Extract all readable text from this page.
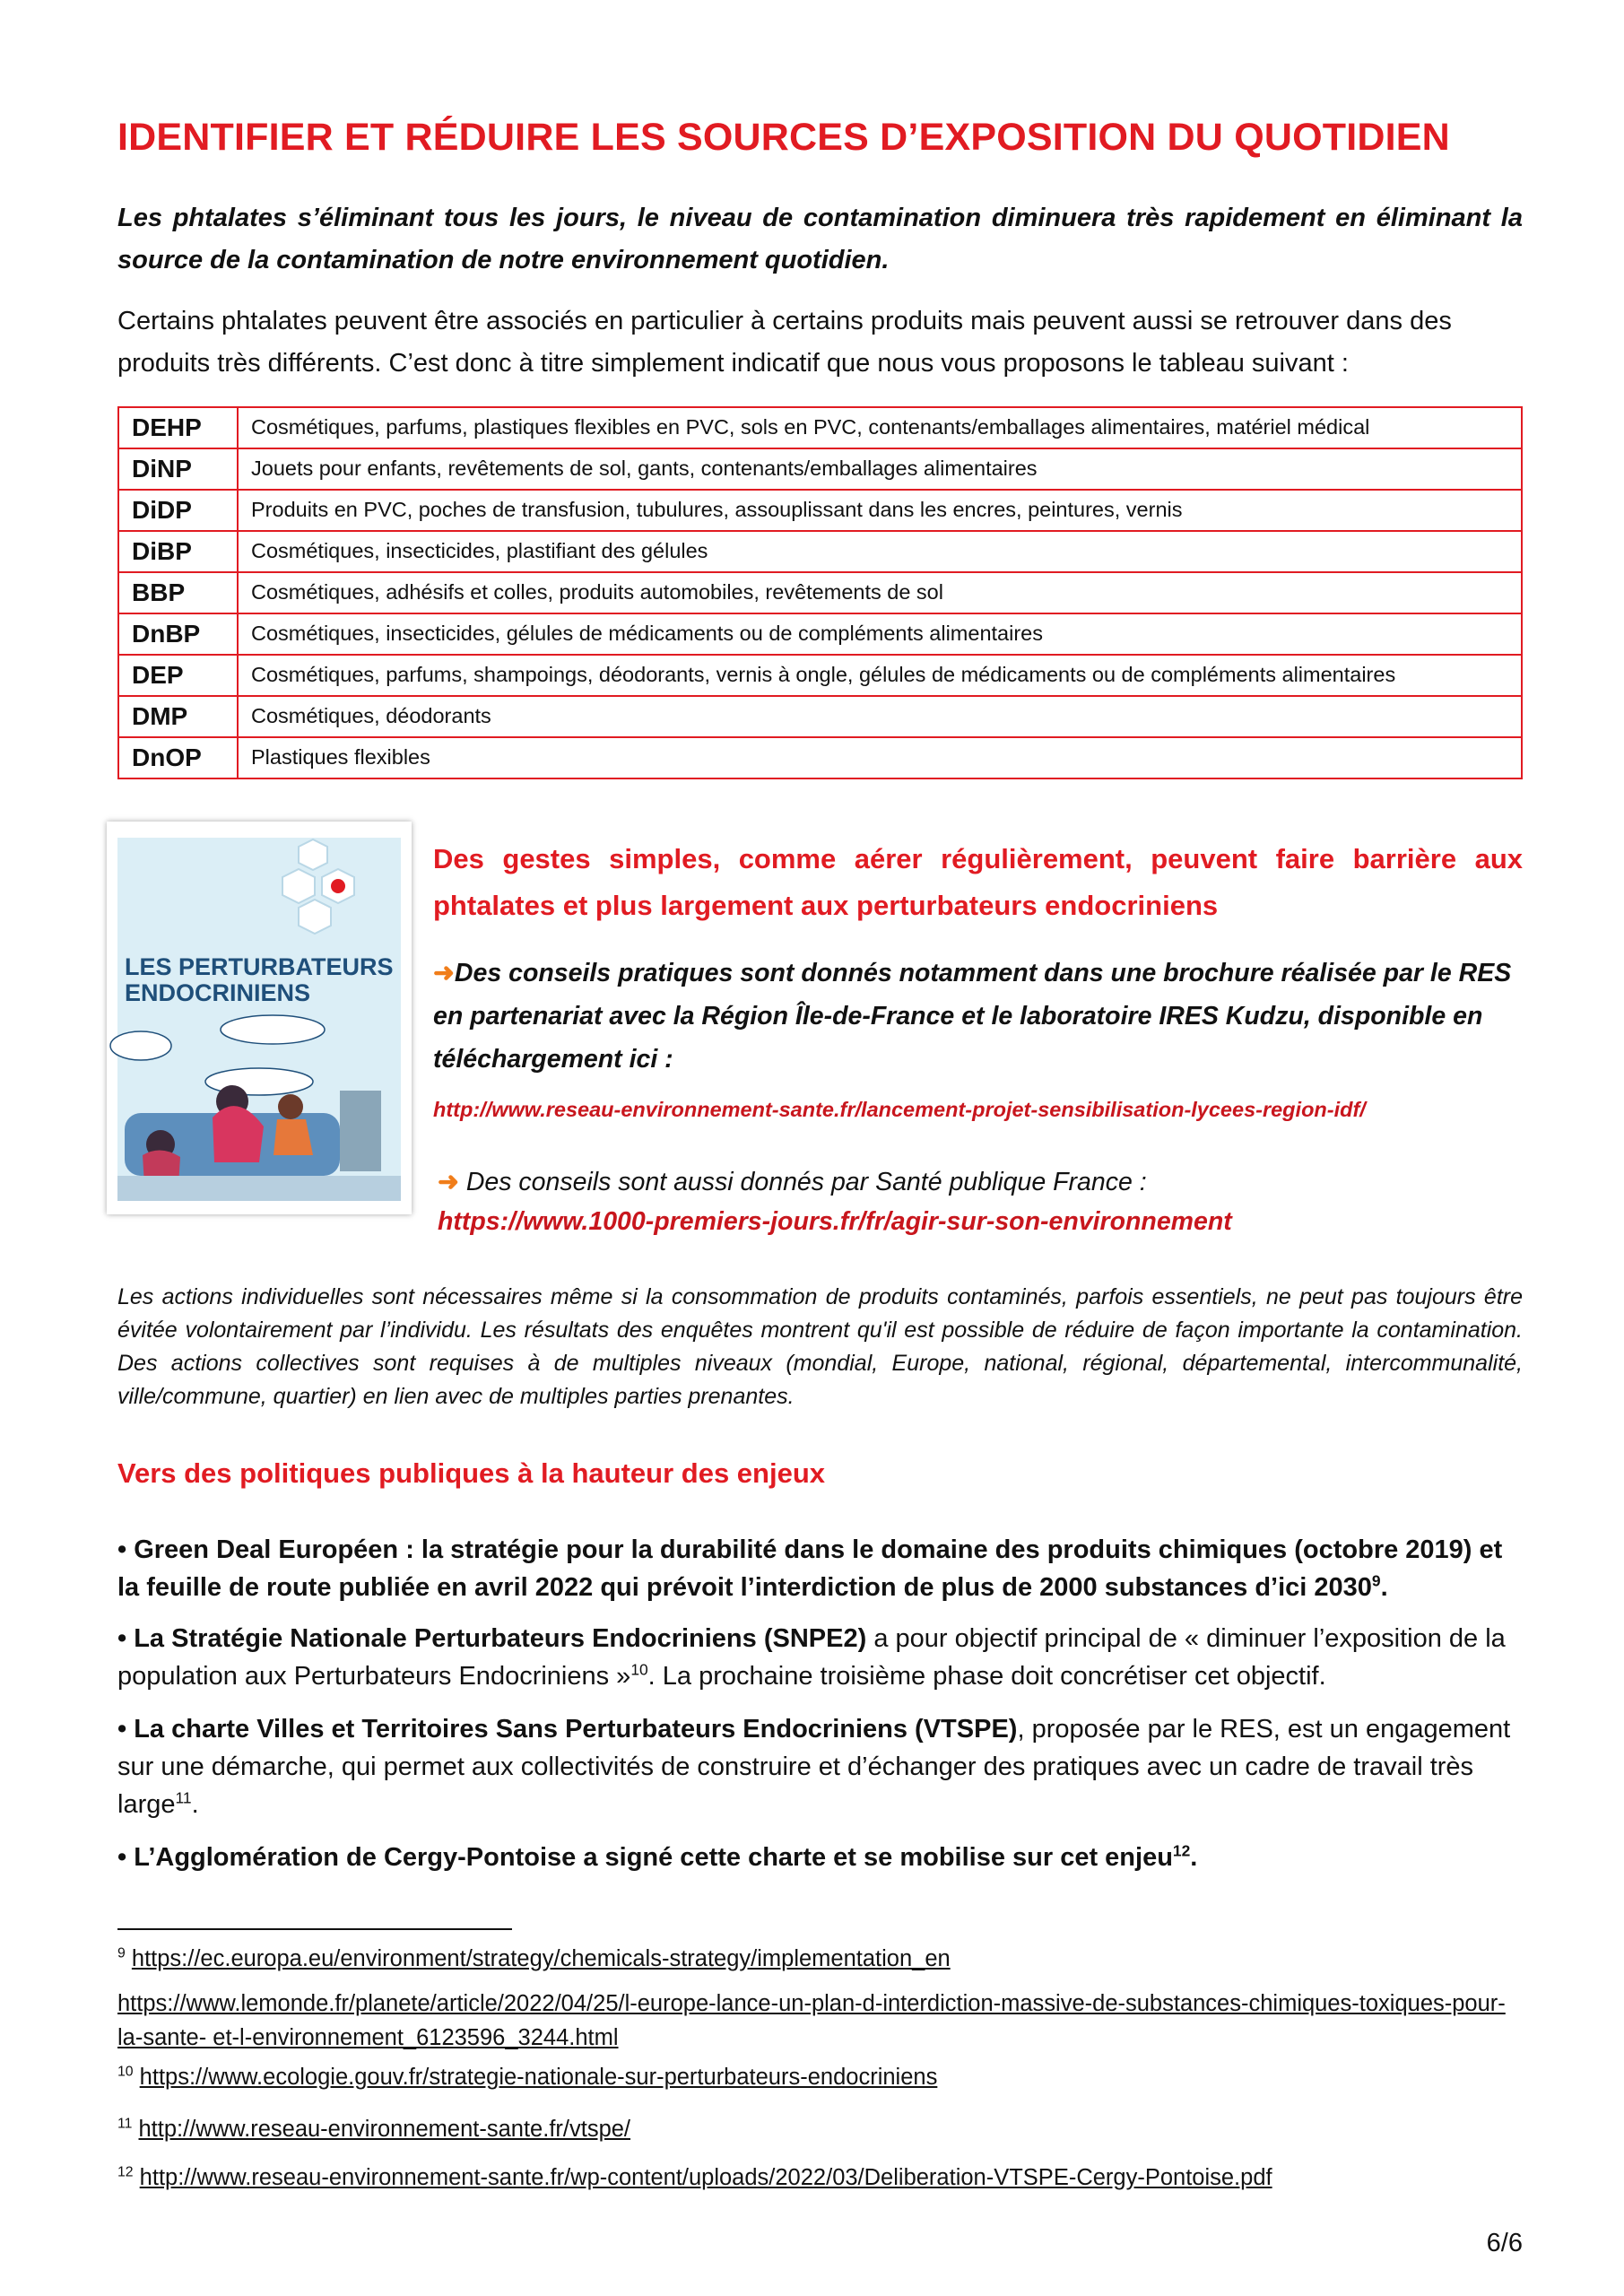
IDENTIFIER ET RÉDUIRE LES SOURCES D’EXPOSITION DU QUOTIDIEN

Les phtalates s’éliminant tous les jours, le niveau de contamination diminuera très rapidement en éliminant la source de la contamination de notre environnement quotidien.

Certains phtalates peuvent être associés en particulier à certains produits mais peuvent aussi se retrouver dans des produits très différents. C’est donc à titre simplement indicatif que nous vous proposons le tableau suivant :

DEHP	Cosmétiques, parfums, plastiques flexibles en PVC, sols en PVC, contenants/emballages alimentaires, matériel médical
DiNP	Jouets pour enfants, revêtements de sol, gants, contenants/emballages alimentaires
DiDP	Produits en PVC, poches de transfusion, tubulures, assouplissant dans les encres, peintures, vernis
DiBP	Cosmétiques, insecticides, plastifiant des gélules
BBP	Cosmétiques, adhésifs et colles, produits automobiles, revêtements de sol
DnBP	Cosmétiques, insecticides, gélules de médicaments ou de compléments alimentaires
DEP	Cosmétiques, parfums, shampoings, déodorants, vernis à ongle, gélules de médicaments ou de compléments alimentaires
DMP	Cosmétiques, déodorants
DnOP	Plastiques flexibles
LES PERTURBATEURS ENDOCRINIENS

Des gestes simples, comme aérer régulièrement, peuvent faire barrière aux phtalates et plus largement aux perturbateurs endocriniens

➜Des conseils pratiques sont donnés notamment dans une brochure réalisée par le RES en partenariat avec la Région Île-de-France et le laboratoire IRES Kudzu, disponible en téléchargement ici :

http://www.reseau-environnement-sante.fr/lancement-projet-sensibilisation-lycees-region-idf/

➜ Des conseils sont aussi donnés par Santé publique France :
https://www.1000-premiers-jours.fr/fr/agir-sur-son-environnement

Les actions individuelles sont nécessaires même si la consommation de produits contaminés, parfois essentiels, ne peut pas toujours être évitée volontairement par l’individu. Les résultats des enquêtes montrent qu'il est possible de réduire de façon importante la contamination. Des actions collectives sont requises à de multiples niveaux (mondial, Europe, national, régional, départemental, intercommunalité, ville/commune, quartier) en lien avec de multiples parties prenantes.

Vers des politiques publiques à la hauteur des enjeux

• Green Deal Européen : la stratégie pour la durabilité dans le domaine des produits chimiques (octobre 2019) et la feuille de route publiée en avril 2022 qui prévoit l’interdiction de plus de 2000 substances d’ici 2030$^9$.

• La Stratégie Nationale Perturbateurs Endocriniens (SNPE2) a pour objectif principal de « diminuer l’exposition de la population aux Perturbateurs Endocriniens »$^{10}$. La prochaine troisième phase doit concrétiser cet objectif.

• La charte Villes et Territoires Sans Perturbateurs Endocriniens (VTSPE), proposée par le RES, est un engagement sur une démarche, qui permet aux collectivités de construire et d’échanger des pratiques avec un cadre de travail très large$^{11}$.

• L’Agglomération de Cergy-Pontoise a signé cette charte et se mobilise sur cet enjeu$^{12}$.

$^9$ https://ec.europa.eu/environment/strategy/chemicals-strategy/implementation_en

https://www.lemonde.fr/planete/article/2022/04/25/l-europe-lance-un-plan-d-interdiction-massive-de-substances-chimiques-toxiques-pour-la-sante- et-l-environnement_6123596_3244.html

$^{10}$ https://www.ecologie.gouv.fr/strategie-nationale-sur-perturbateurs-endocriniens

$^{11}$ http://www.reseau-environnement-sante.fr/vtspe/

$^{12}$ http://www.reseau-environnement-sante.fr/wp-content/uploads/2022/03/Deliberation-VTSPE-Cergy-Pontoise.pdf

6/6
